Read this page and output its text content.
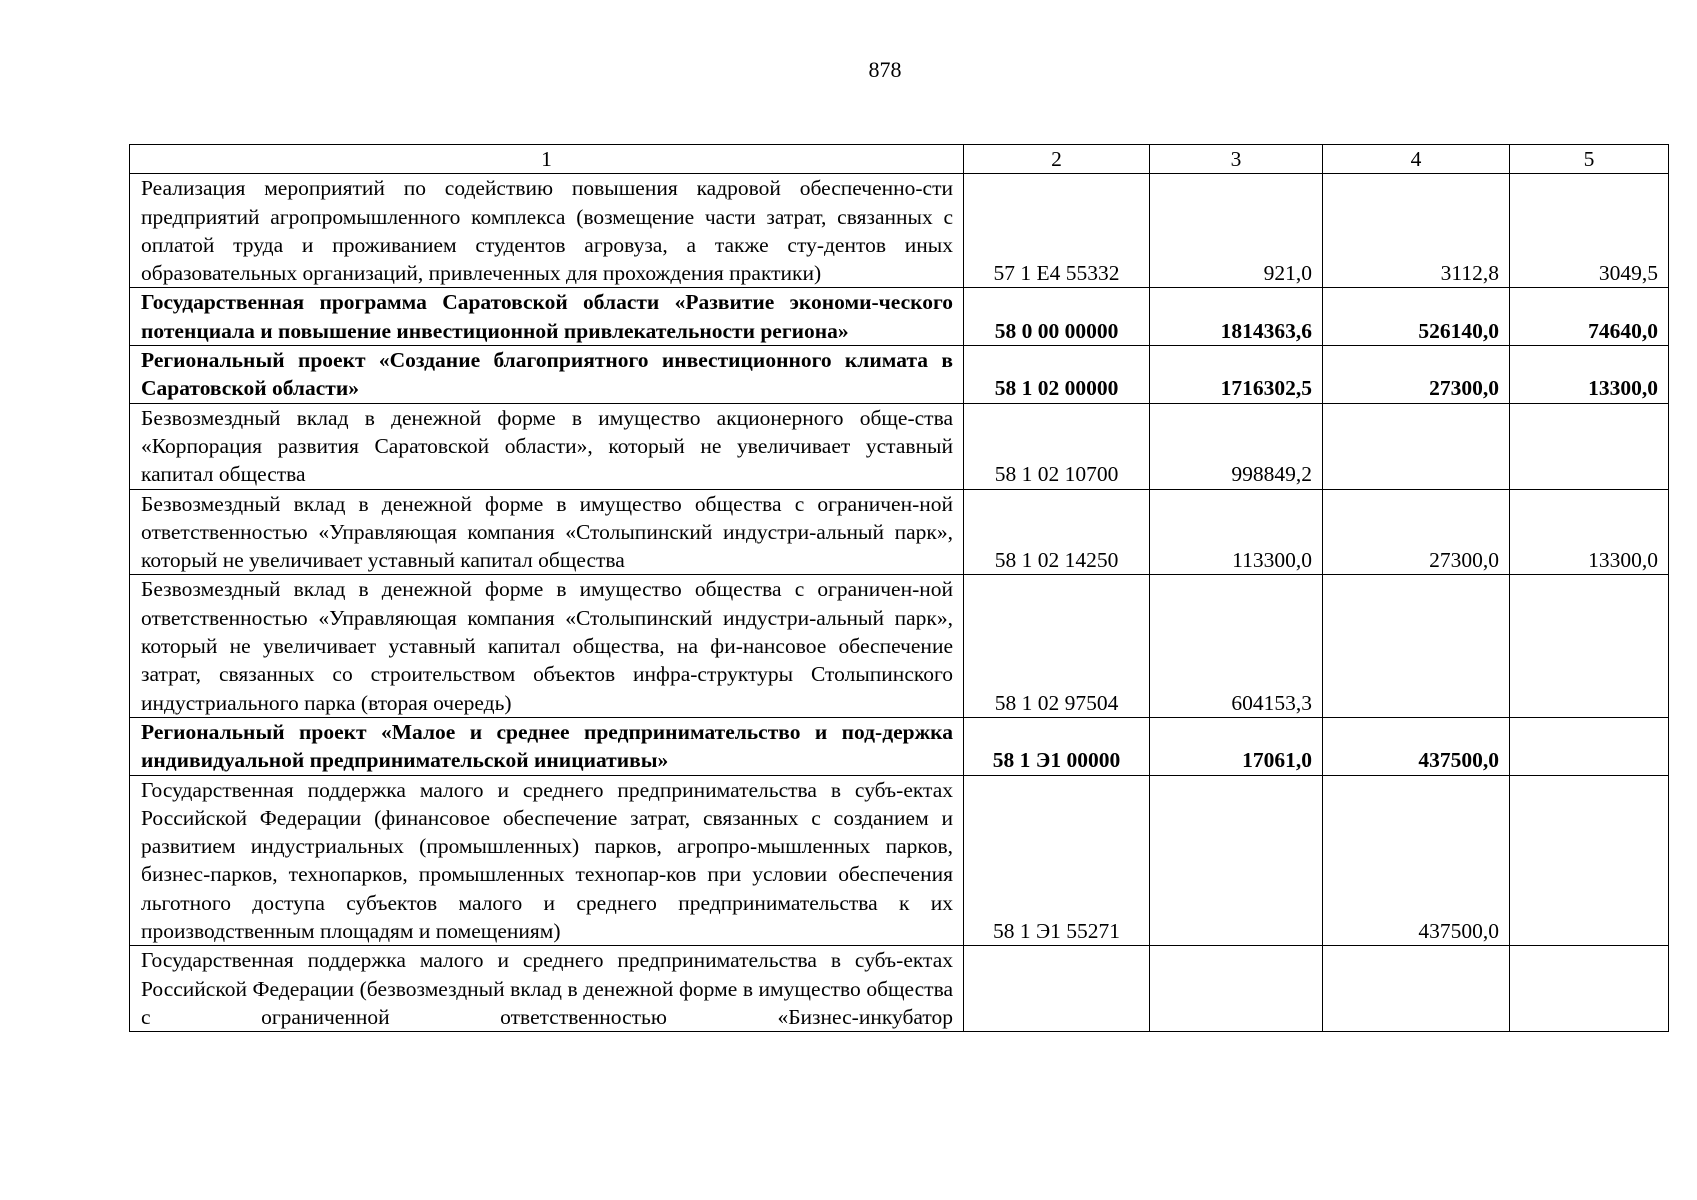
878
1	2	3	4	5
Реализация мероприятий по содействию повышения кадровой обеспеченно-сти предприятий агропромышленного комплекса (возмещение части затрат, связанных с оплатой труда и проживанием студентов агровуза, а также сту-дентов иных образовательных организаций, привлеченных для прохождения практики)	57 1 Е4 55332	921,0	3112,8	3049,5
Государственная программа Саратовской области «Развитие экономи-ческого потенциала и повышение инвестиционной привлекательности региона»	58 0 00 00000	1814363,6	526140,0	74640,0
Региональный проект «Создание благоприятного инвестиционного климата в Саратовской области»	58 1 02 00000	1716302,5	27300,0	13300,0
Безвозмездный вклад в денежной форме в имущество акционерного обще-ства «Корпорация развития Саратовской области», который не увеличивает уставный капитал общества	58 1 02 10700	998849,2		
Безвозмездный вклад в денежной форме в имущество общества с ограничен-ной ответственностью «Управляющая компания «Столыпинский индустри-альный парк», который не увеличивает уставный капитал общества	58 1 02 14250	113300,0	27300,0	13300,0
Безвозмездный вклад в денежной форме в имущество общества с ограничен-ной ответственностью «Управляющая компания «Столыпинский индустри-альный парк», который не увеличивает уставный капитал общества, на фи-нансовое обеспечение затрат, связанных со строительством объектов инфра-структуры Столыпинского индустриального парка (вторая очередь)	58 1 02 97504	604153,3		
Региональный проект «Малое и среднее предпринимательство и под-держка индивидуальной предпринимательской инициативы»	58 1 Э1 00000	17061,0	437500,0	
Государственная поддержка малого и среднего предпринимательства в субъ-ектах Российской Федерации (финансовое обеспечение затрат, связанных с созданием и развитием индустриальных (промышленных) парков, агропро-мышленных парков, бизнес-парков, технопарков, промышленных технопар-ков при условии обеспечения льготного доступа субъектов малого и среднего предпринимательства к их производственным площадям и помещениям)	58 1 Э1 55271		437500,0	
Государственная поддержка малого и среднего предпринимательства в субъ-ектах Российской Федерации (безвозмездный вклад в денежной форме в имущество общества с ограниченной ответственностью «Бизнес-инкубатор				
